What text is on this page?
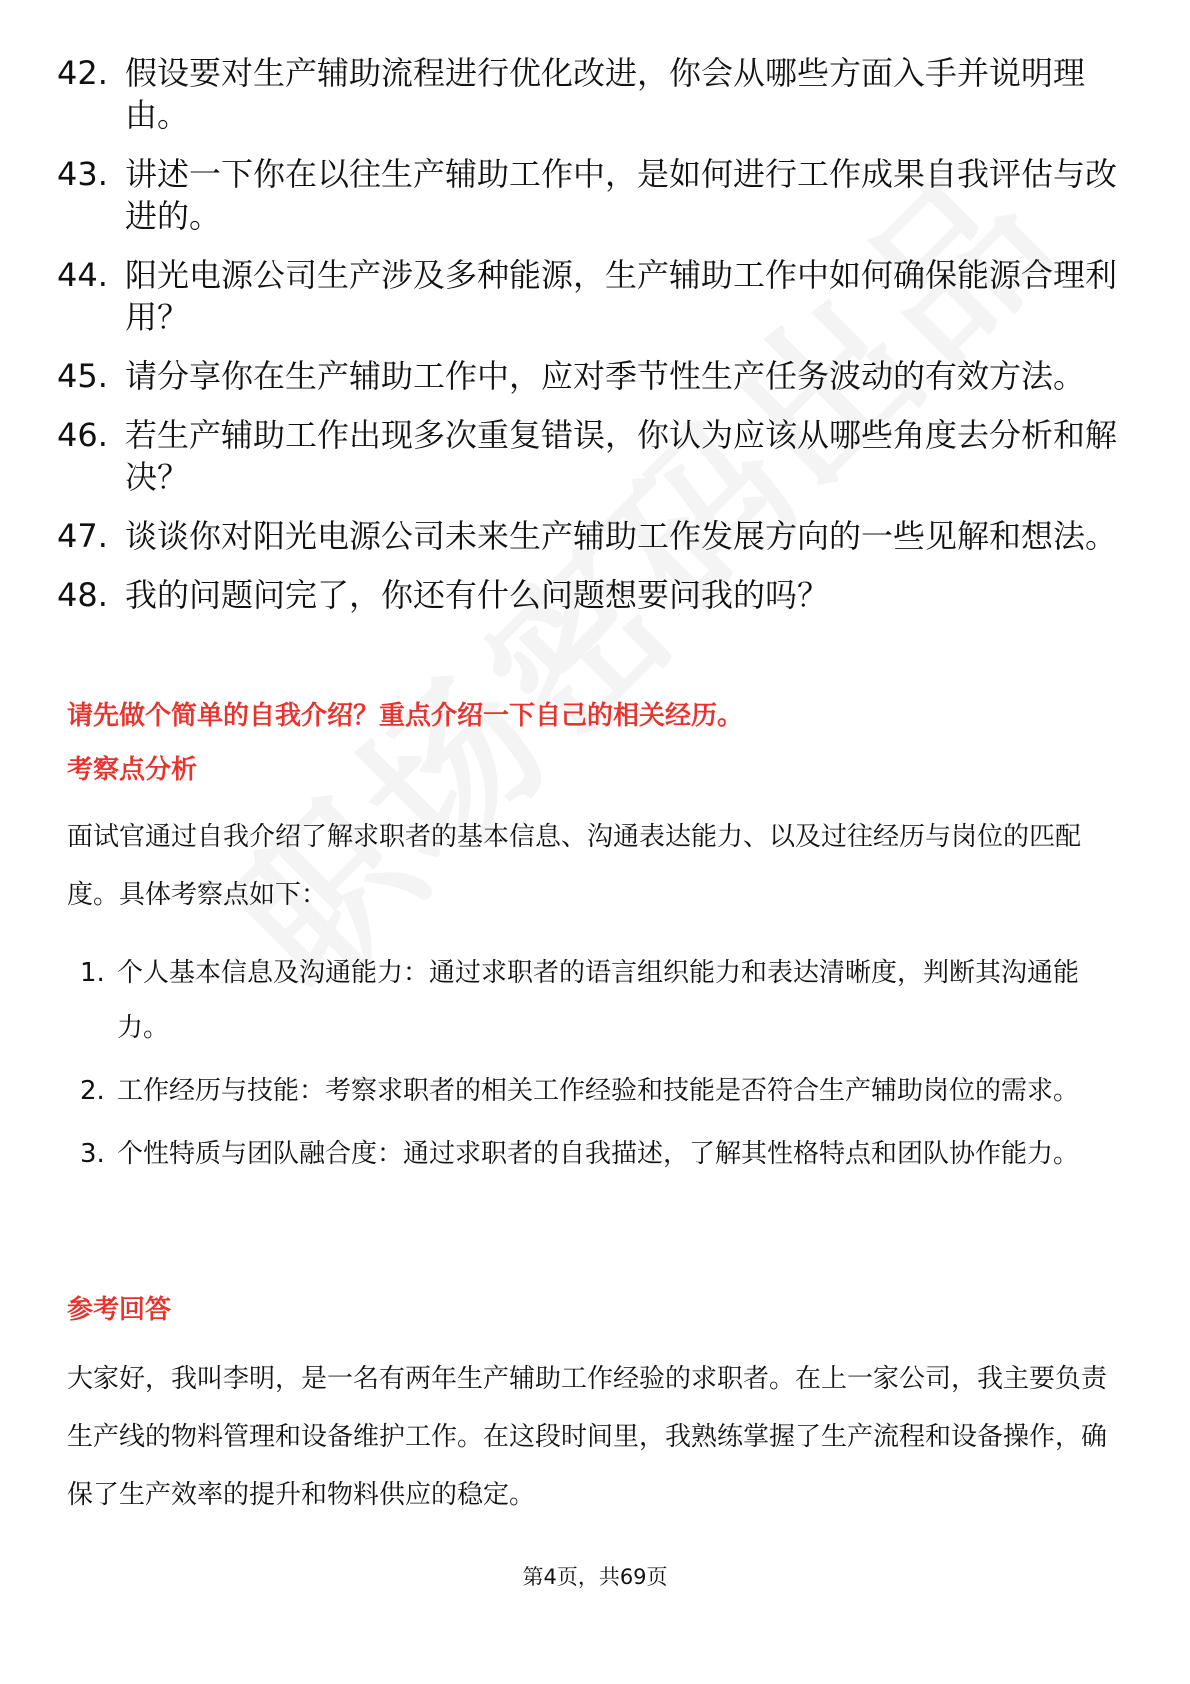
42. 假设要对生产辅助流程进行优化改进，你会从哪些方面入手并说明理由。
43. 讲述一下你在以往生产辅助工作中，是如何进行工作成果自我评估与改进的。
44. 阳光电源公司生产涉及多种能源，生产辅助工作中如何确保能源合理利用？
45. 请分享你在生产辅助工作中，应对季节性生产任务波动的有效方法。
46. 若生产辅助工作出现多次重复错误，你认为应该从哪些角度去分析和解决？
47. 谈谈你对阳光电源公司未来生产辅助工作发展方向的一些见解和想法。
48. 我的问题问完了，你还有什么问题想要问我的吗？
请先做个简单的自我介绍？重点介绍一下自己的相关经历。
考察点分析

面试官通过自我介绍了解求职者的基本信息、沟通表达能力、以及过往经历与岗位的匹配度。具体考察点如下：

1. 个人基本信息及沟通能力：通过求职者的语言组织能力和表达清晰度，判断其沟通能力。
2. 工作经历与技能：考察求职者的相关工作经验和技能是否符合生产辅助岗位的需求。
3. 个性特质与团队融合度：通过求职者的自我描述，了解其性格特点和团队协作能力。
参考回答

大家好，我叫李明，是一名有两年生产辅助工作经验的求职者。在上一家公司，我主要负责生产线的物料管理和设备维护工作。在这段时间里，我熟练掌握了生产流程和设备操作，确保了生产效率的提升和物料供应的稳定。

第4页，共69页
